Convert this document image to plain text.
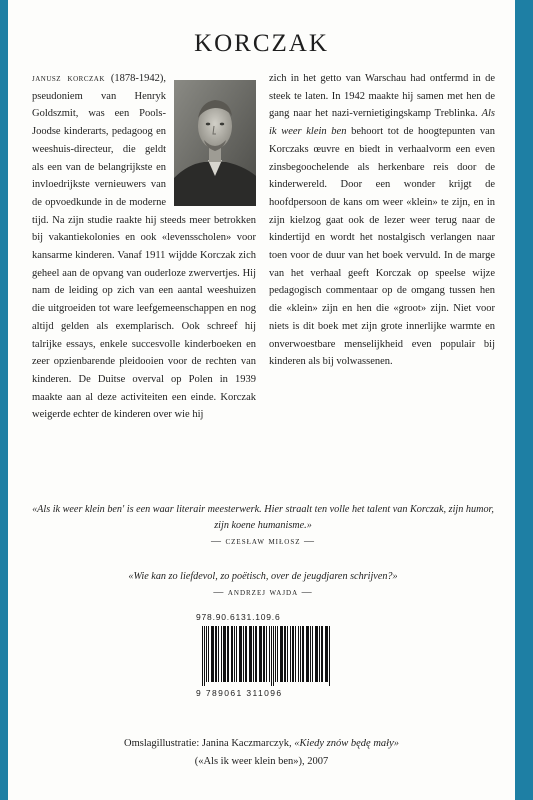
KORCZAK

janusz korczak (1878-1942), pseudoniem van Henryk Goldszmit, was een Pools-Joodse kinderarts, pedagoog en weeshuis-directeur, die geldt als een van de belangrijkste en invloedrijkste vernieuwers van de opvoedkunde in de moderne tijd. Na zijn studie raakte hij steeds meer betrokken bij vakantiekolonies en ook «levensscholen» voor kansarme kinderen. Vanaf 1911 wijdde Korczak zich geheel aan de opvang van ouderloze zwervertjes. Hij nam de leiding op zich van een aantal weeshuizen die uitgroeiden tot ware leefgemeenschappen en nog altijd gelden als exemplarisch. Ook schreef hij talrijke essays, enkele succesvolle kinderboeken en zeer opzienbarende pleidooien voor de rechten van kinderen. De Duitse overval op Polen in 1939 maakte aan al deze activiteiten een einde. Korczak weigerde echter de kinderen over wie hij

zich in het getto van Warschau had ontfermd in de steek te laten. In 1942 maakte hij samen met hen de gang naar het nazi-vernietigingskamp Treblinka. Als ik weer klein ben behoort tot de hoogtepunten van Korczaks œuvre en biedt in verhaalvorm een even zinsbegoochelende als herkenbare reis door de kinderwereld. Door een wonder krijgt de hoofdpersoon de kans om weer «klein» te zijn, en in zijn kielzog gaat ook de lezer weer terug naar de kindertijd en wordt het nostalgisch verlangen naar toen voor de duur van het boek vervuld. In de marge van het verhaal geeft Korczak op speelse wijze pedagogisch commentaar op de omgang tussen hen die «klein» zijn en hen die «groot» zijn. Niet voor niets is dit boek met zijn grote innerlijke warmte en onverwoestbare menselijkheid even populair bij kinderen als bij volwassenen.

«Als ik weer klein ben' is een waar literair meesterwerk. Hier straalt ten volle het talent van Korczak, zijn humor, zijn koene humanisme.»
— czesław miłosz —
«Wie kan zo liefdevol, zo poëtisch, over de jeugdjaren schrijven?»
— andrzej wajda —
978.90.6131.109.6
9 789061 311096
Omslagillustratie: Janina Kaczmarczyk, «Kiedy znów będę mały»
(«Als ik weer klein ben»), 2007
